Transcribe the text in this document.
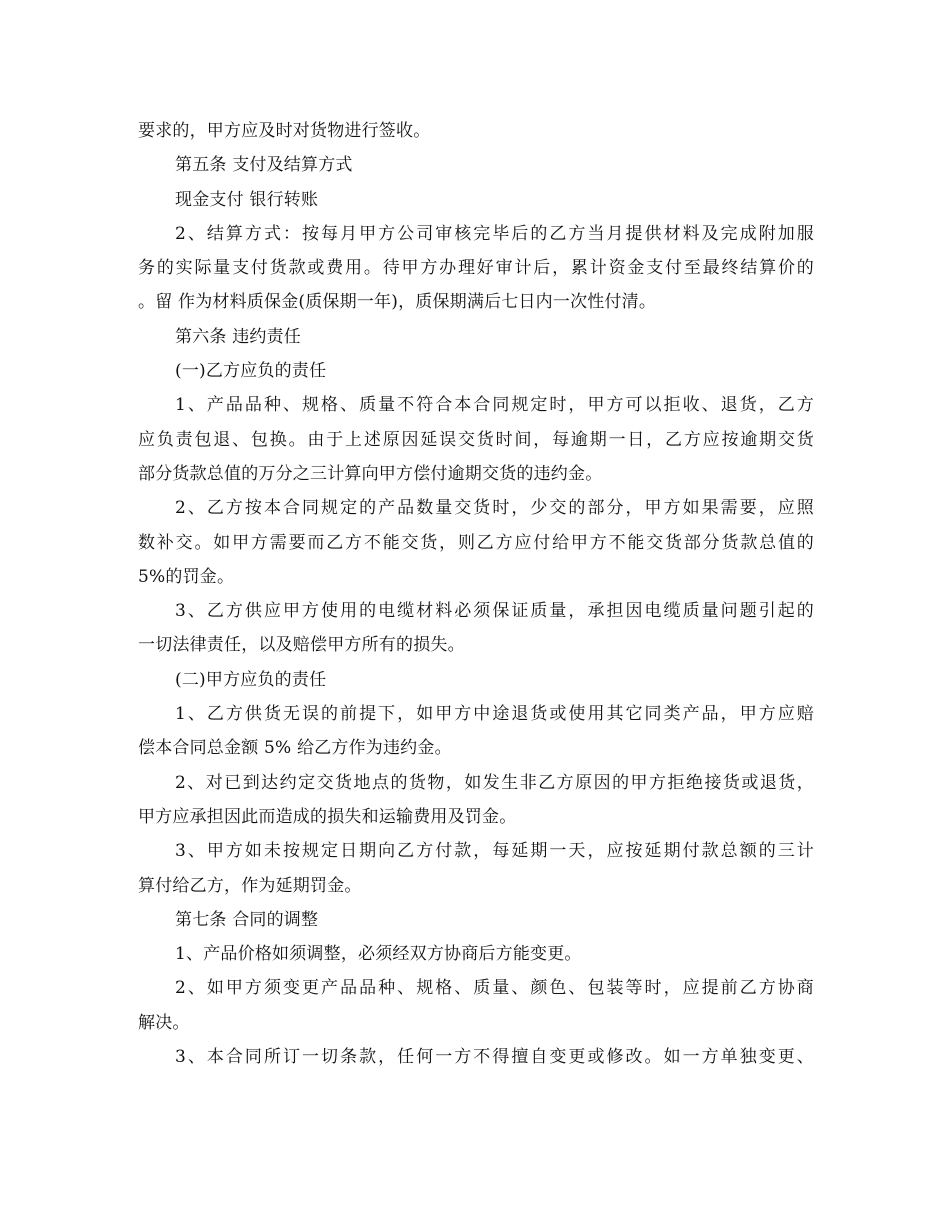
要求的，甲方应及时对货物进行签收。
第五条 支付及结算方式
现金支付 银行转账
2、结算方式：按每月甲方公司审核完毕后的乙方当月提供材料及完成附加服
务的实际量支付货款或费用。待甲方办理好审计后，累计资金支付至最终结算价的
。留 作为材料质保金(质保期一年)，质保期满后七日内一次性付清。
第六条 违约责任
(一)乙方应负的责任
1、产品品种、规格、质量不符合本合同规定时，甲方可以拒收、退货，乙方
应负责包退、包换。由于上述原因延误交货时间，每逾期一日，乙方应按逾期交货
部分货款总值的万分之三计算向甲方偿付逾期交货的违约金。
2、乙方按本合同规定的产品数量交货时，少交的部分，甲方如果需要，应照
数补交。如甲方需要而乙方不能交货，则乙方应付给甲方不能交货部分货款总值的
5%的罚金。
3、乙方供应甲方使用的电缆材料必须保证质量，承担因电缆质量问题引起的
一切法律责任，以及赔偿甲方所有的损失。
(二)甲方应负的责任
1、乙方供货无误的前提下，如甲方中途退货或使用其它同类产品，甲方应赔
偿本合同总金额 5% 给乙方作为违约金。
2、对已到达约定交货地点的货物，如发生非乙方原因的甲方拒绝接货或退货，
甲方应承担因此而造成的损失和运输费用及罚金。
3、甲方如未按规定日期向乙方付款，每延期一天，应按延期付款总额的三计
算付给乙方，作为延期罚金。
第七条 合同的调整
1、产品价格如须调整，必须经双方协商后方能变更。
2、如甲方须变更产品品种、规格、质量、颜色、包装等时，应提前乙方协商
解决。
3、本合同所订一切条款，任何一方不得擅自变更或修改。如一方单独变更、
